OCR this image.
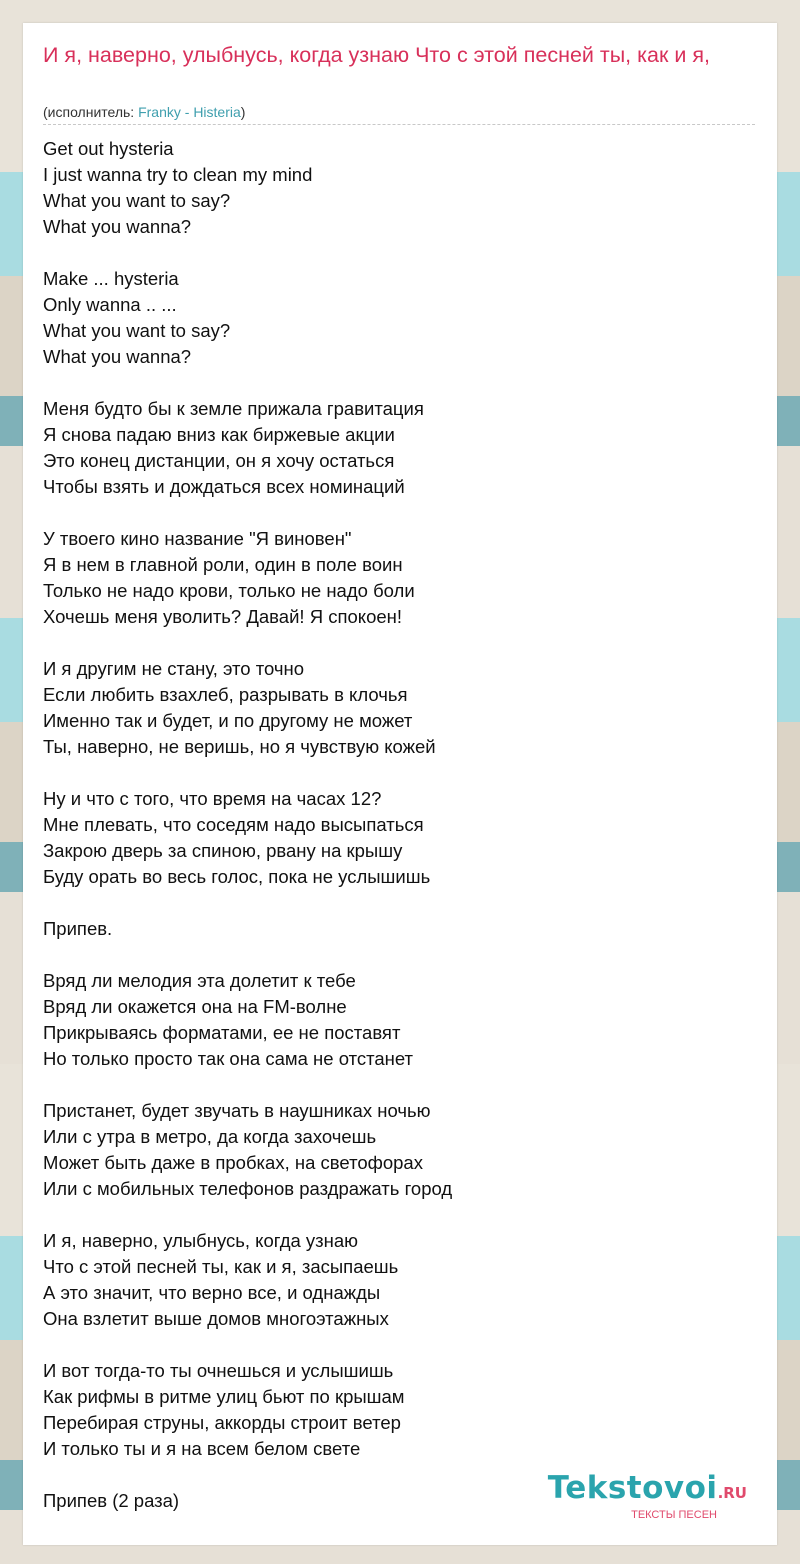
И я, наверно, улыбнусь, когда узнаю Что с этой песней ты, как и я,
(исполнитель: Franky - Histeria)
Get out hysteria
I just wanna try to clean my mind
What you want to say?
What you wanna?
Make ... hysteria
Only wanna .. ...
What you want to say?
What you wanna?
Меня будто бы к земле прижала гравитация
Я снова падаю вниз как биржевые акции
Это конец дистанции, он я хочу остаться
Чтобы взять и дождаться всех номинаций
У твоего кино название "Я виновен"
Я в нем в главной роли, один в поле воин
Только не надо крови, только не надо боли
Хочешь меня уволить? Давай! Я спокоен!
И я другим не стану, это точно
Если любить взахлеб, разрывать в клочья
Именно так и будет, и по другому не может
Ты, наверно, не веришь, но я чувствую кожей
Ну и что с того, что время на часах 12?
Мне плевать, что соседям надо высыпаться
Закрою дверь за спиною, рвану на крышу
Буду орать во весь голос, пока не услышишь
Припев.
Вряд ли мелодия эта долетит к тебе
Вряд ли окажется она на FM-волне
Прикрываясь форматами, ее не поставят
Но только просто так она сама не отстанет
Пристанет, будет звучать в наушниках ночью
Или с утра в метро, да когда захочешь
Может быть даже в пробках, на светофорах
Или с мобильных телефонов раздражать город
И я, наверно, улыбнусь, когда узнаю
Что с этой песней ты, как и я, засыпаешь
А это значит, что верно все, и однажды
Она взлетит выше домов многоэтажных
И вот тогда-то ты очнешься и услышишь
Как рифмы в ритме улиц бьют по крышам
Перебирая струны, аккорды строит ветер
И только ты и я на всем белом свете
Припев (2 раза)	Tekstovoi.RU
ТЕКСТЫ ПЕСЕН
